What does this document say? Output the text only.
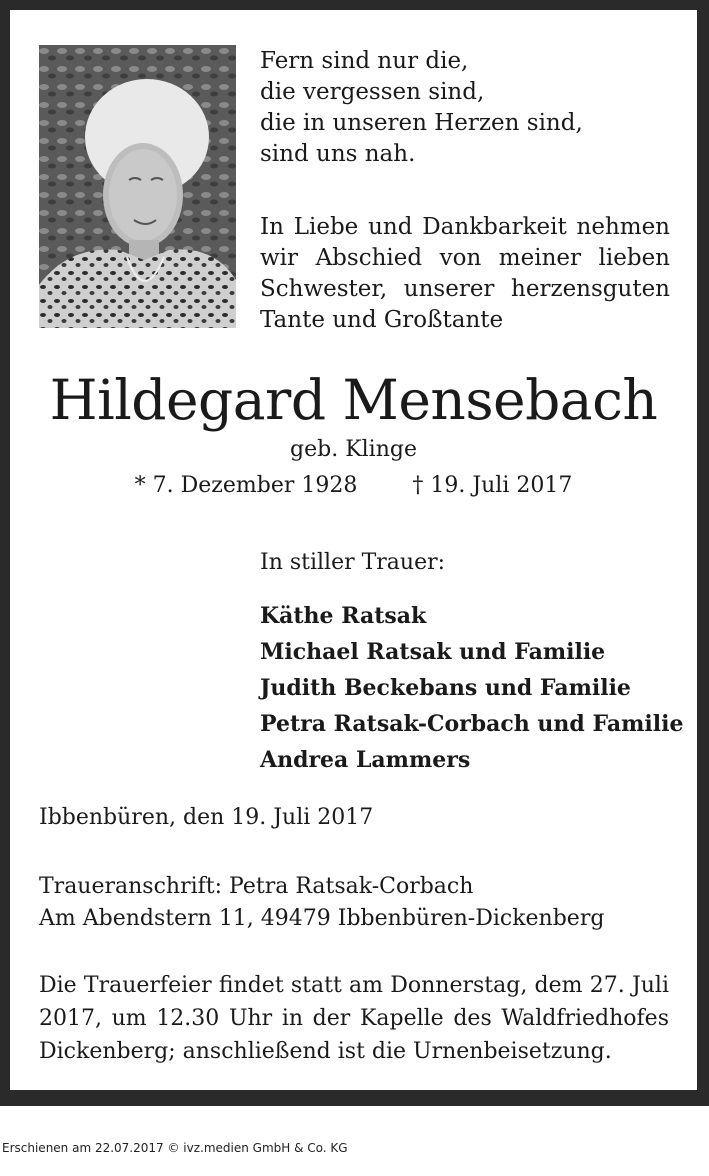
Fern sind nur die,
die vergessen sind,
die in unseren Herzen sind,
sind uns nah.
In Liebe und Dankbarkeit nehmen wir Abschied von meiner lieben Schwester, unserer herzensguten Tante und Großtante
Hildegard Mensebach
geb. Klinge
* 7. Dezember 1928	† 19. Juli 2017
In stiller Trauer:
Käthe Ratsak
Michael Ratsak und Familie
Judith Beckebans und Familie
Petra Ratsak-Corbach und Familie
Andrea Lammers
Ibbenbüren, den 19. Juli 2017
Traueranschrift: Petra Ratsak-Corbach
Am Abendstern 11, 49479 Ibbenbüren-Dickenberg
Die Trauerfeier findet statt am Donnerstag, dem 27. Juli 2017, um 12.30 Uhr in der Kapelle des Waldfriedhofes Dickenberg; anschließend ist die Urnenbeisetzung.
Erschienen am 22.07.2017 © ivz.medien GmbH & Co. KG
